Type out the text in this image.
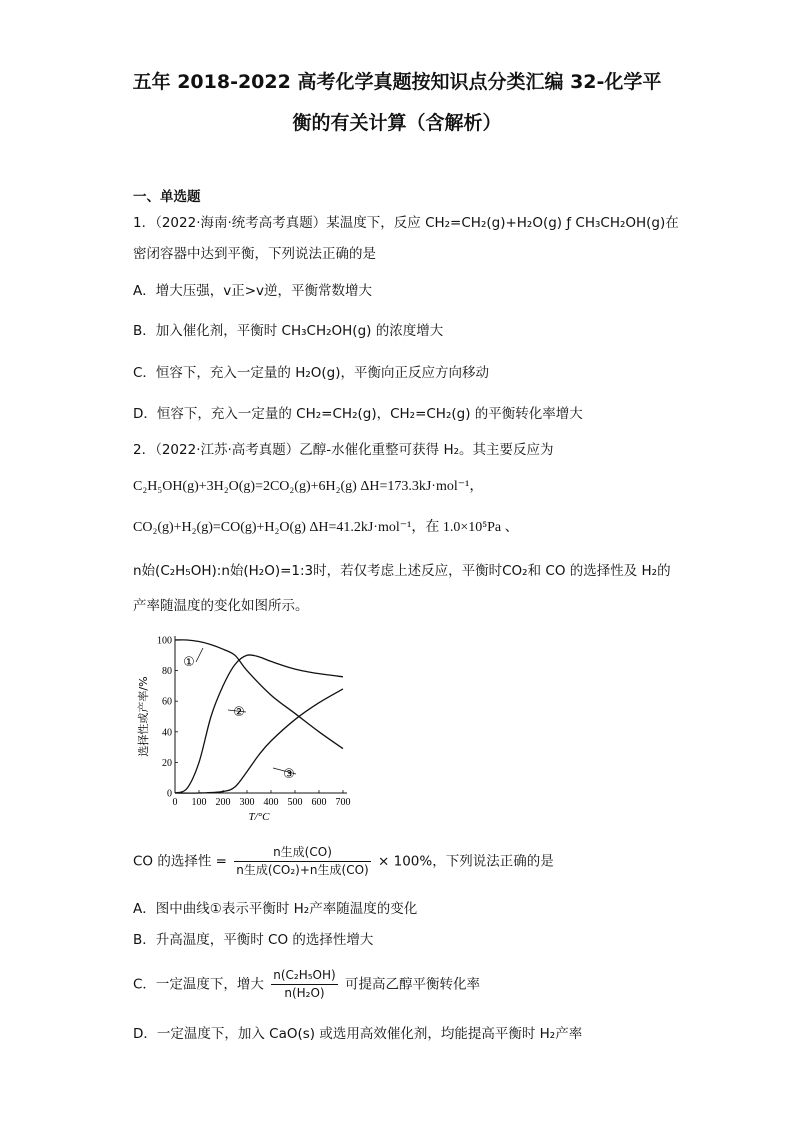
五年 2018-2022 高考化学真题按知识点分类汇编 32-化学平
衡的有关计算（含解析）
一、单选题
1．（2022·海南·统考高考真题）某温度下，反应 CH₂=CH₂(g)+H₂O(g) ƒ CH₃CH₂OH(g)在
密闭容器中达到平衡，下列说法正确的是
A．增大压强，v正>v逆，平衡常数增大
B．加入催化剂，平衡时 CH₃CH₂OH(g) 的浓度增大
C．恒容下，充入一定量的 H₂O(g)，平衡向正反应方向移动
D．恒容下，充入一定量的 CH₂=CH₂(g)，CH₂=CH₂(g) 的平衡转化率增大
2．（2022·江苏·高考真题）乙醇-水催化重整可获得 H₂。其主要反应为
C₂H₅OH(g)+3H₂O(g)=2CO₂(g)+6H₂(g) ΔH=173.3kJ·mol⁻¹，
CO₂(g)+H₂(g)=CO(g)+H₂O(g) ΔH=41.2kJ·mol⁻¹，在 1.0×10⁵Pa 、
n始(C₂H₅OH):n始(H₂O)=1:3时，若仅考虑上述反应，平衡时CO₂和 CO 的选择性及 H₂的
产率随温度的变化如图所示。
0 100 200 300 400 500 600 700
0
20
40
60
80
100
T/°C
选择性或产率/%
①
②
③
CO 的选择性 = $\frac{\text{n生成(CO)}}{\text{n生成(CO₂)+n生成(CO)}} \times 100\%$，下列说法正确的是
A．图中曲线①表示平衡时 H₂产率随温度的变化
B．升高温度，平衡时 CO 的选择性增大
C．一定温度下，增大 $\frac{\text{n(C₂H₅OH)}}{\text{n(H₂O)}}$ 可提高乙醇平衡转化率
D．一定温度下，加入 CaO(s) 或选用高效催化剂，均能提高平衡时 H₂产率
